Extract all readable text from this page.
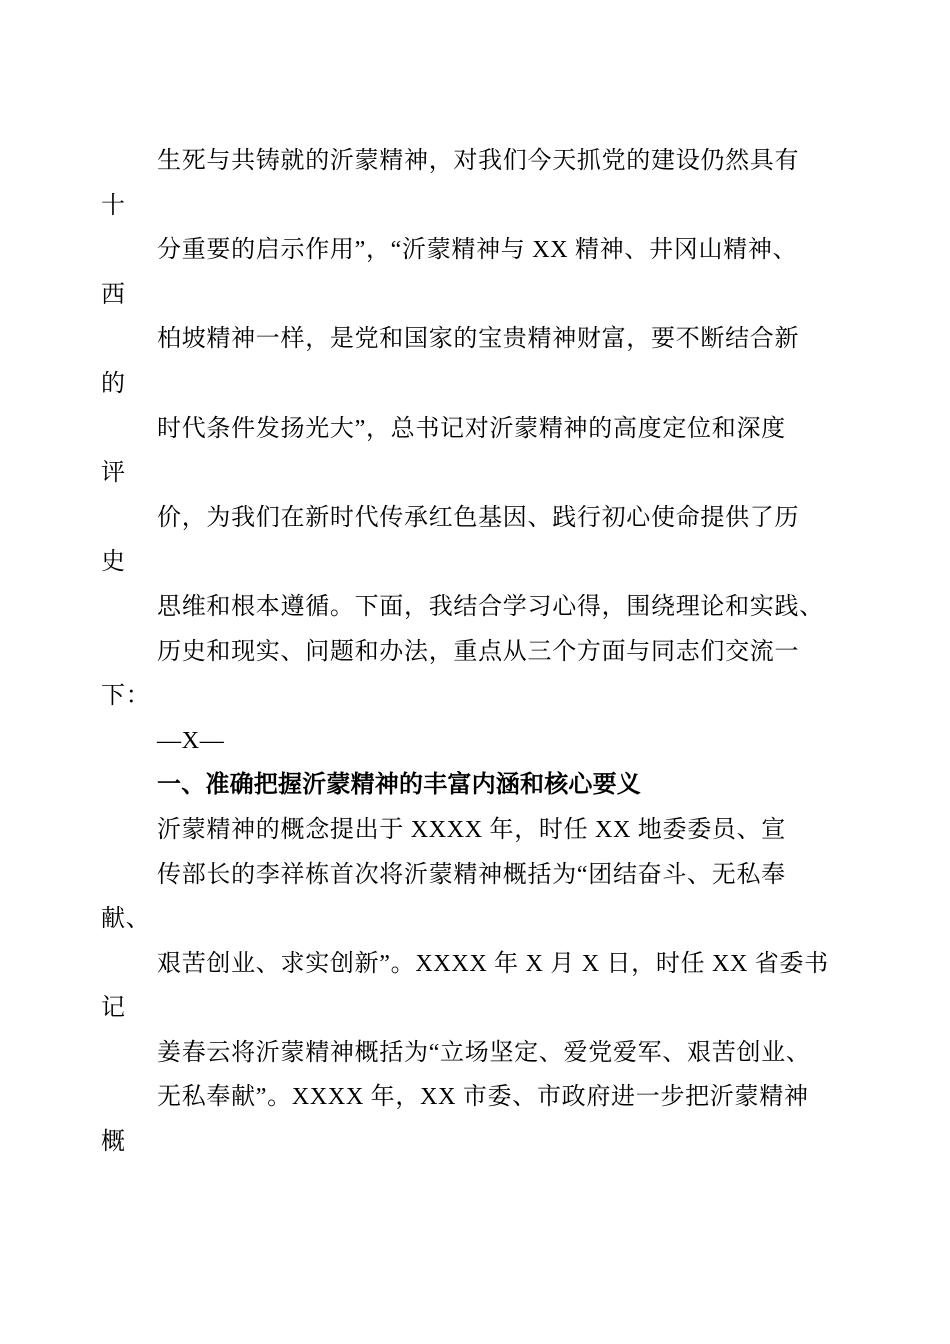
生死与共铸就的沂蒙精神，对我们今天抓党的建设仍然具有
十
分重要的启示作用”，“沂蒙精神与 XX 精神、井冈山精神、
西
柏坡精神一样，是党和国家的宝贵精神财富，要不断结合新
的
时代条件发扬光大”，总书记对沂蒙精神的高度定位和深度
评
价，为我们在新时代传承红色基因、践行初心使命提供了历
史
思维和根本遵循。下面，我结合学习心得，围绕理论和实践、
历史和现实、问题和办法，重点从三个方面与同志们交流一
下：
—X—
一、准确把握沂蒙精神的丰富内涵和核心要义
沂蒙精神的概念提出于 XXXX 年，时任 XX 地委委员、宣
传部长的李祥栋首次将沂蒙精神概括为“团结奋斗、无私奉
献、
艰苦创业、求实创新”。XXXX 年 X 月 X 日，时任 XX 省委书
记
姜春云将沂蒙精神概括为“立场坚定、爱党爱军、艰苦创业、
无私奉献”。XXXX 年，XX 市委、市政府进一步把沂蒙精神
概
